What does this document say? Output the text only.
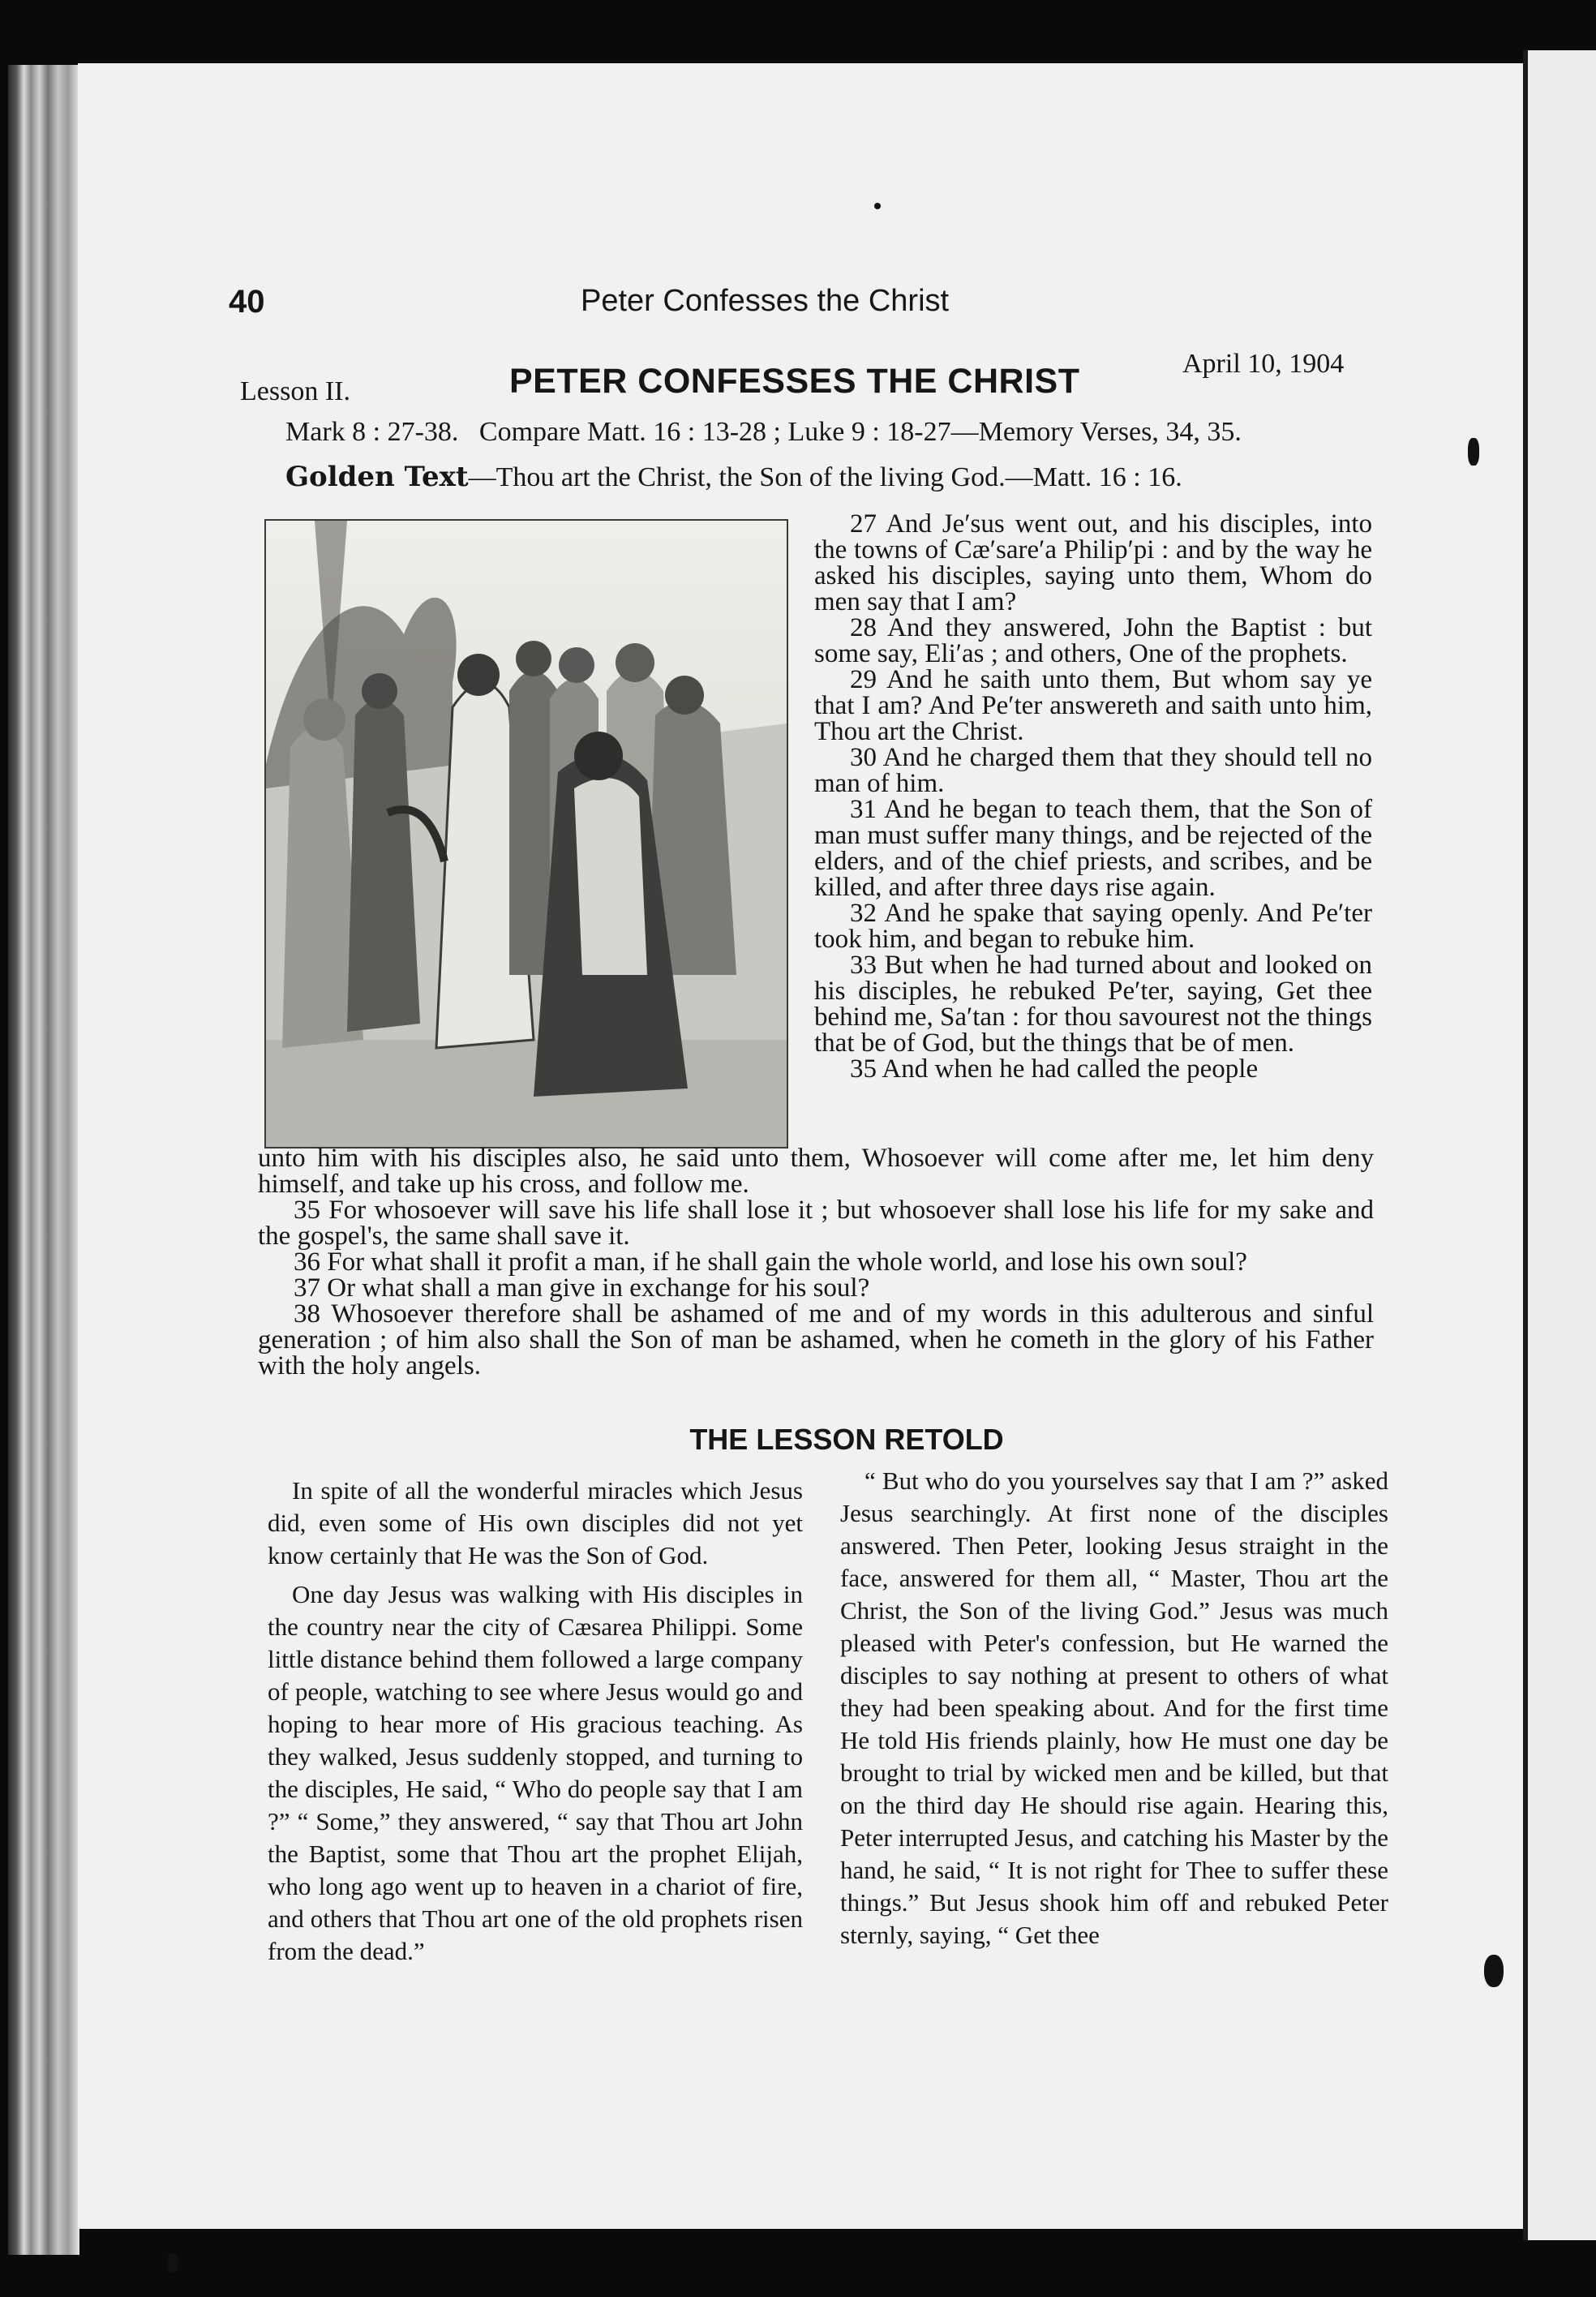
40	Peter Confesses the Christ
Lesson II.	PETER CONFESSES THE CHRIST	April 10, 1904
Mark 8 : 27-38.   Compare Matt. 16 : 13-28 ; Luke 9 : 18-27—Memory Verses, 34, 35.
Golden Text—Thou art the Christ, the Son of the living God.—Matt. 16 : 16.

27 And Je′sus went out, and his disciples, into the towns of Cæ′sare′a Philip′pi : and by the way he asked his disciples, saying unto them, Whom do men say that I am?

28 And they answered, John the Baptist : but some say, Eli′as ; and others, One of the prophets.

29 And he saith unto them, But whom say ye that I am? And Pe′ter answereth and saith unto him, Thou art the Christ.

30 And he charged them that they should tell no man of him.

31 And he began to teach them, that the Son of man must suffer many things, and be rejected of the elders, and of the chief priests, and scribes, and be killed, and after three days rise again.

32 And he spake that saying openly. And Pe′ter took him, and began to rebuke him.

33 But when he had turned about and looked on his disciples, he rebuked Pe′ter, saying, Get thee behind me, Sa′tan : for thou savourest not the things that be of God, but the things that be of men.

35 And when he had called the people

unto him with his disciples also, he said unto them, Whosoever will come after me, let him deny himself, and take up his cross, and follow me.

35 For whosoever will save his life shall lose it ; but whosoever shall lose his life for my sake and the gospel's, the same shall save it.

36 For what shall it profit a man, if he shall gain the whole world, and lose his own soul?

37 Or what shall a man give in exchange for his soul?

38 Whosoever therefore shall be ashamed of me and of my words in this adulterous and sinful generation ; of him also shall the Son of man be ashamed, when he cometh in the glory of his Father with the holy angels.

THE LESSON RETOLD

In spite of all the wonderful miracles which Jesus did, even some of His own disciples did not yet know certainly that He was the Son of God.

One day Jesus was walking with His disciples in the country near the city of Cæsarea Philippi. Some little distance behind them followed a large company of people, watching to see where Jesus would go and hoping to hear more of His gracious teaching. As they walked, Jesus suddenly stopped, and turning to the disciples, He said, “ Who do people say that I am ?” “ Some,” they answered, “ say that Thou art John the Baptist, some that Thou art the prophet Elijah, who long ago went up to heaven in a chariot of fire, and others that Thou art one of the old prophets risen from the dead.”

“ But who do you yourselves say that I am ?” asked Jesus searchingly. At first none of the disciples answered. Then Peter, looking Jesus straight in the face, answered for them all, “ Master, Thou art the Christ, the Son of the living God.” Jesus was much pleased with Peter's confession, but He warned the disciples to say nothing at present to others of what they had been speaking about. And for the first time He told His friends plainly, how He must one day be brought to trial by wicked men and be killed, but that on the third day He should rise again. Hearing this, Peter interrupted Jesus, and catching his Master by the hand, he said, “ It is not right for Thee to suffer these things.” But Jesus shook him off and rebuked Peter sternly, saying, “ Get thee
